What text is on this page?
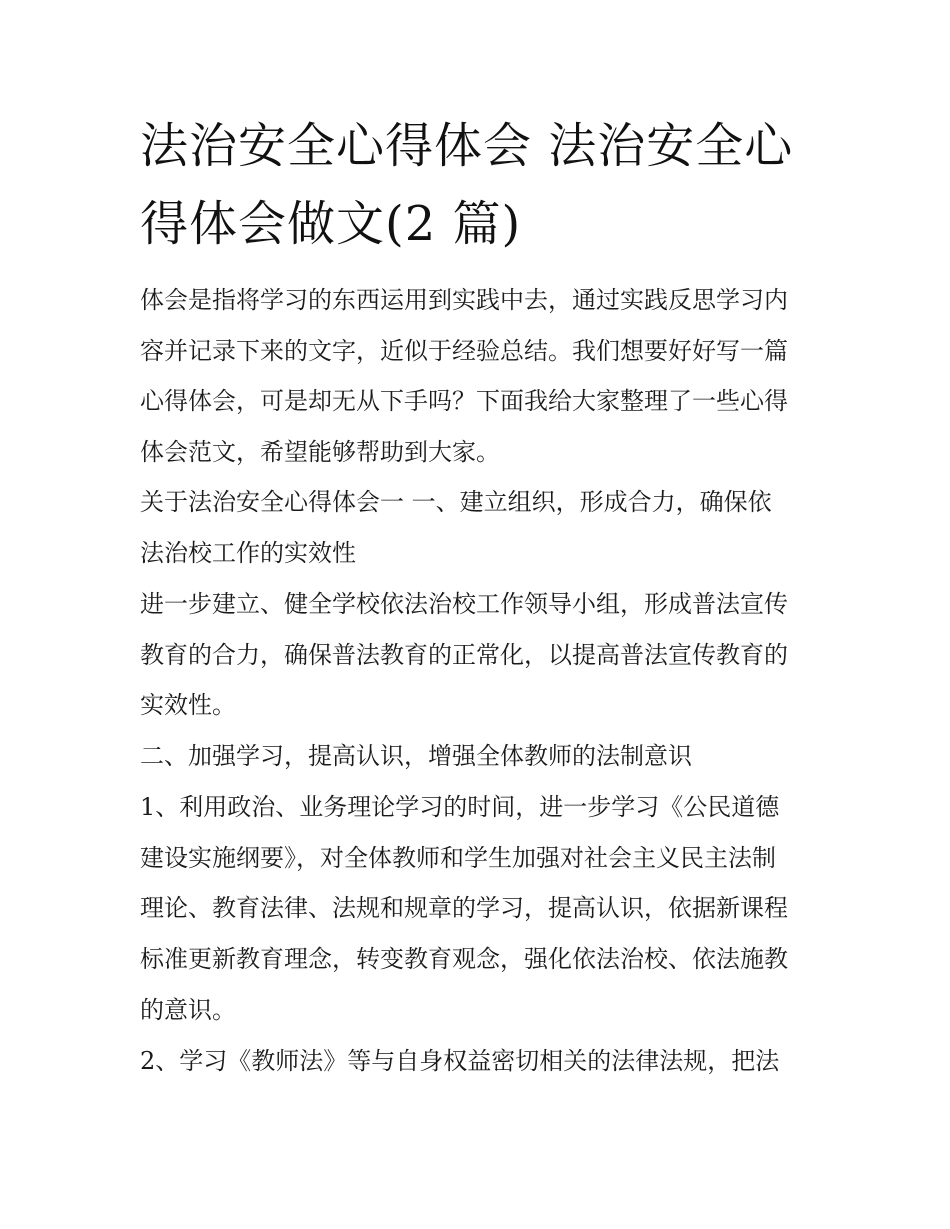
法治安全心得体会 法治安全心
得体会做文(2 篇)
体会是指将学习的东西运用到实践中去，通过实践反思学习内
容并记录下来的文字，近似于经验总结。我们想要好好写一篇
心得体会，可是却无从下手吗？下面我给大家整理了一些心得
体会范文，希望能够帮助到大家。
关于法治安全心得体会一 一、建立组织，形成合力，确保依
法治校工作的实效性
进一步建立、健全学校依法治校工作领导小组，形成普法宣传
教育的合力，确保普法教育的正常化，以提高普法宣传教育的
实效性。
二、加强学习，提高认识，增强全体教师的法制意识
1、利用政治、业务理论学习的时间，进一步学习《公民道德
建设实施纲要》，对全体教师和学生加强对社会主义民主法制
理论、教育法律、法规和规章的学习，提高认识，依据新课程
标准更新教育理念，转变教育观念，强化依法治校、依法施教
的意识。
2、学习《教师法》等与自身权益密切相关的法律法规，把法
